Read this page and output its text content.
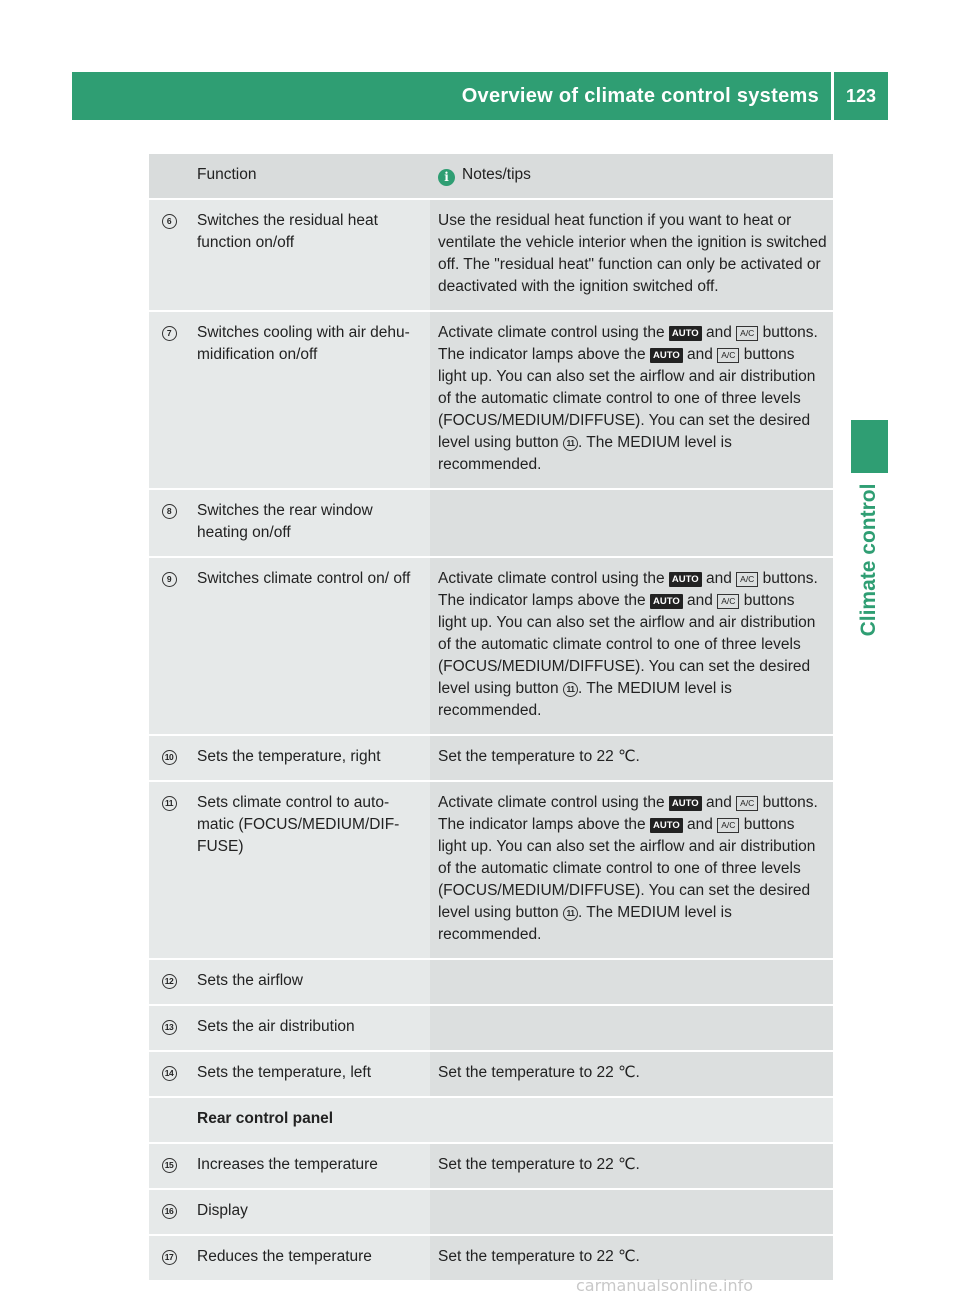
Overview of climate control systems	123
Climate control
	Function	i Notes/tips
6	Switches the residual heat function on/off	Use the residual heat function if you want to heat or ventilate the vehicle interior when the ignition is switched off. The "residual heat" function can only be activated or deactivated with the ignition switched off.
7	Switches cooling with air dehu-midification on/off	Activate climate control using the AUTO and A/C buttons. The indicator lamps above the AUTO and A/C buttons light up. You can also set the airflow and air distribution of the automatic climate control to one of three levels (FOCUS/MEDIUM/DIFFUSE). You can set the desired level using button 11 . The MEDIUM level is recommended.
8	Switches the rear window heating on/off	
9	Switches climate control on/ off	Activate climate control using the AUTO and A/C buttons. The indicator lamps above the AUTO and A/C buttons light up. You can also set the airflow and air distribution of the automatic climate control to one of three levels (FOCUS/MEDIUM/DIFFUSE). You can set the desired level using button 11 . The MEDIUM level is recommended.
10	Sets the temperature, right	Set the temperature to 22 ℃.
11	Sets climate control to auto-matic (FOCUS/MEDIUM/DIF-FUSE)	Activate climate control using the AUTO and A/C buttons. The indicator lamps above the AUTO and A/C buttons light up. You can also set the airflow and air distribution of the automatic climate control to one of three levels (FOCUS/MEDIUM/DIFFUSE). You can set the desired level using button 11 . The MEDIUM level is recommended.
12	Sets the airflow	
13	Sets the air distribution	
14	Sets the temperature, left	Set the temperature to 22 ℃.
	Rear control panel	
15	Increases the temperature	Set the temperature to 22 ℃.
16	Display	
17	Reduces the temperature	Set the temperature to 22 ℃.
carmanualsonline.info
